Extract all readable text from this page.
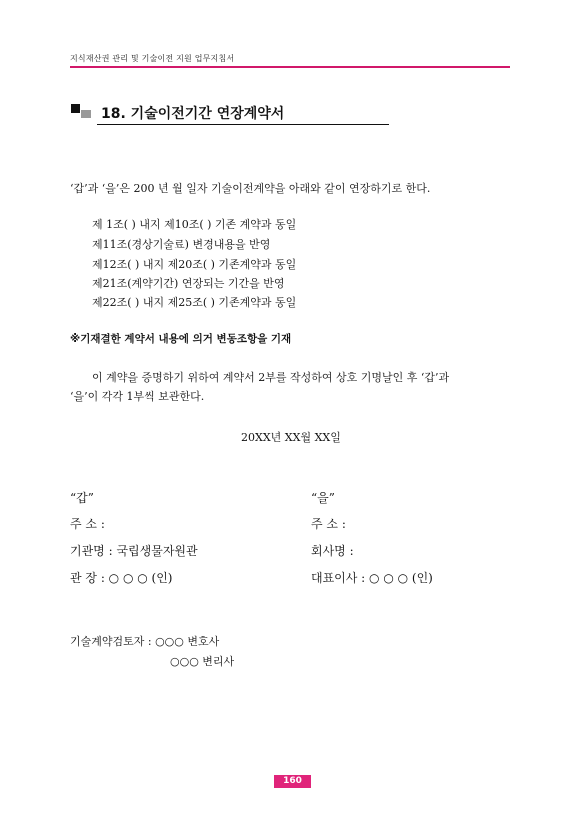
지식재산권 관리 및 기술이전 지원 업무지침서
18. 기술이전기간 연장계약서
‘갑’과 ‘을’은 200 년 월 일자 기술이전계약을 아래와 같이 연장하기로 한다.
제 1조( ) 내지 제10조( ) 기존 계약과 동일
제11조(경상기술료) 변경내용을 반영
제12조( ) 내지 제20조( ) 기존계약과 동일
제21조(계약기간) 연장되는 기간을 반영
제22조( ) 내지 제25조( ) 기존계약과 동일
※기재결한 계약서 내용에 의거 변동조항을 기재
이 계약을 증명하기 위하여 계약서 2부를 작성하여 상호 기명날인 후 ‘갑’과
‘을’이 각각 1부씩 보관한다.
20XX년 XX월 XX일
“갑”
주 소 :
기관명 : 국립생물자원관
관 장 : ○ ○ ○ (인)
“을”
주 소 :
회사명 :
대표이사 : ○ ○ ○ (인)
기술계약검토자 : ○○○ 변호사
○○○ 변리사
160
